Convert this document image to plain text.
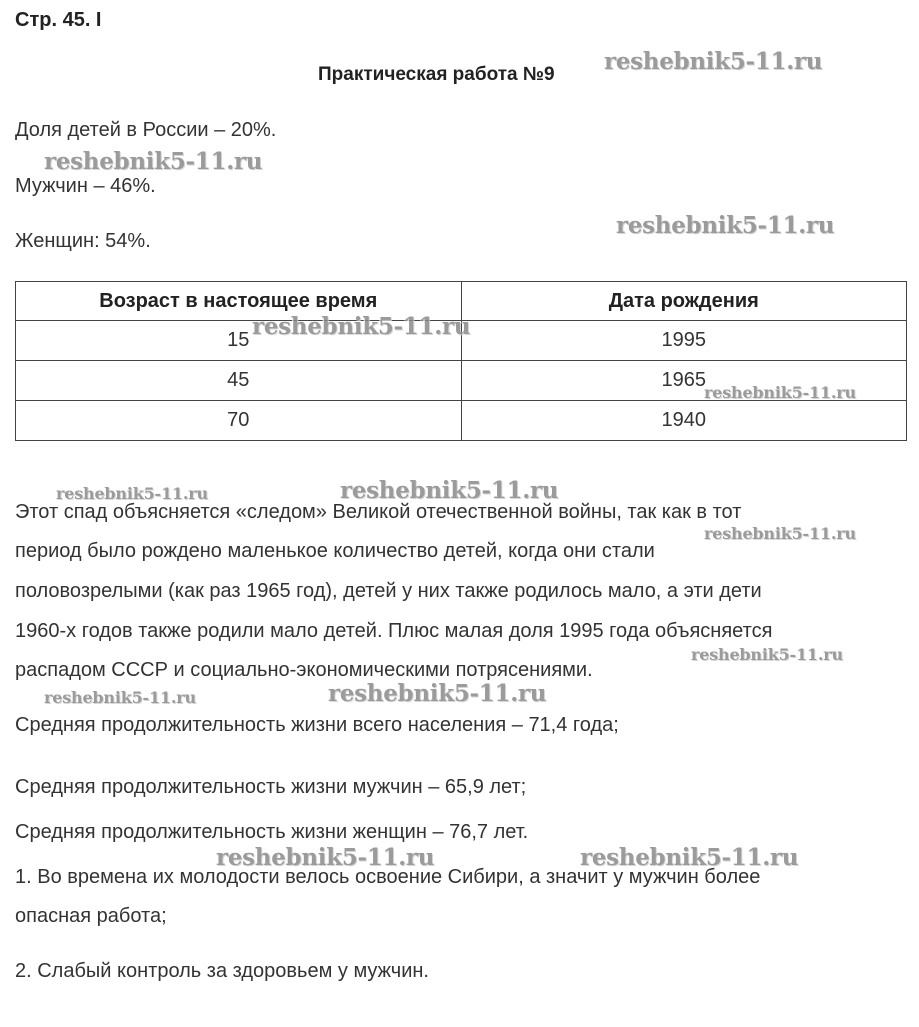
Стр. 45. I
Практическая работа №9
Доля детей в России – 20%.
Мужчин – 46%.
Женщин: 54%.
Возраст в настоящее время	Дата рождения
15	1995
45	1965
70	1940
Этот спад объясняется «следом» Великой отечественной войны, так как в тот
период было рождено маленькое количество детей, когда они стали
половозрелыми (как раз 1965 год), детей у них также родилось мало, а эти дети
1960-х годов также родили мало детей. Плюс малая доля 1995 года объясняется
распадом СССР и социально-экономическими потрясениями.
Средняя продолжительность жизни всего населения – 71,4 года;
Средняя продолжительность жизни мужчин – 65,9 лет;
Средняя продолжительность жизни женщин – 76,7 лет.
1. Во времена их молодости велось освоение Сибири, а значит у мужчин более
опасная работа;
2. Слабый контроль за здоровьем у мужчин.
reshebnik5-11.ru
reshebnik5-11.ru
reshebnik5-11.ru
reshebnik5-11.ru
reshebnik5-11.ru
reshebnik5-11.ru	reshebnik5-11.ru
reshebnik5-11.ru
reshebnik5-11.ru
reshebnik5-11.ru	reshebnik5-11.ru
reshebnik5-11.ru	reshebnik5-11.ru
